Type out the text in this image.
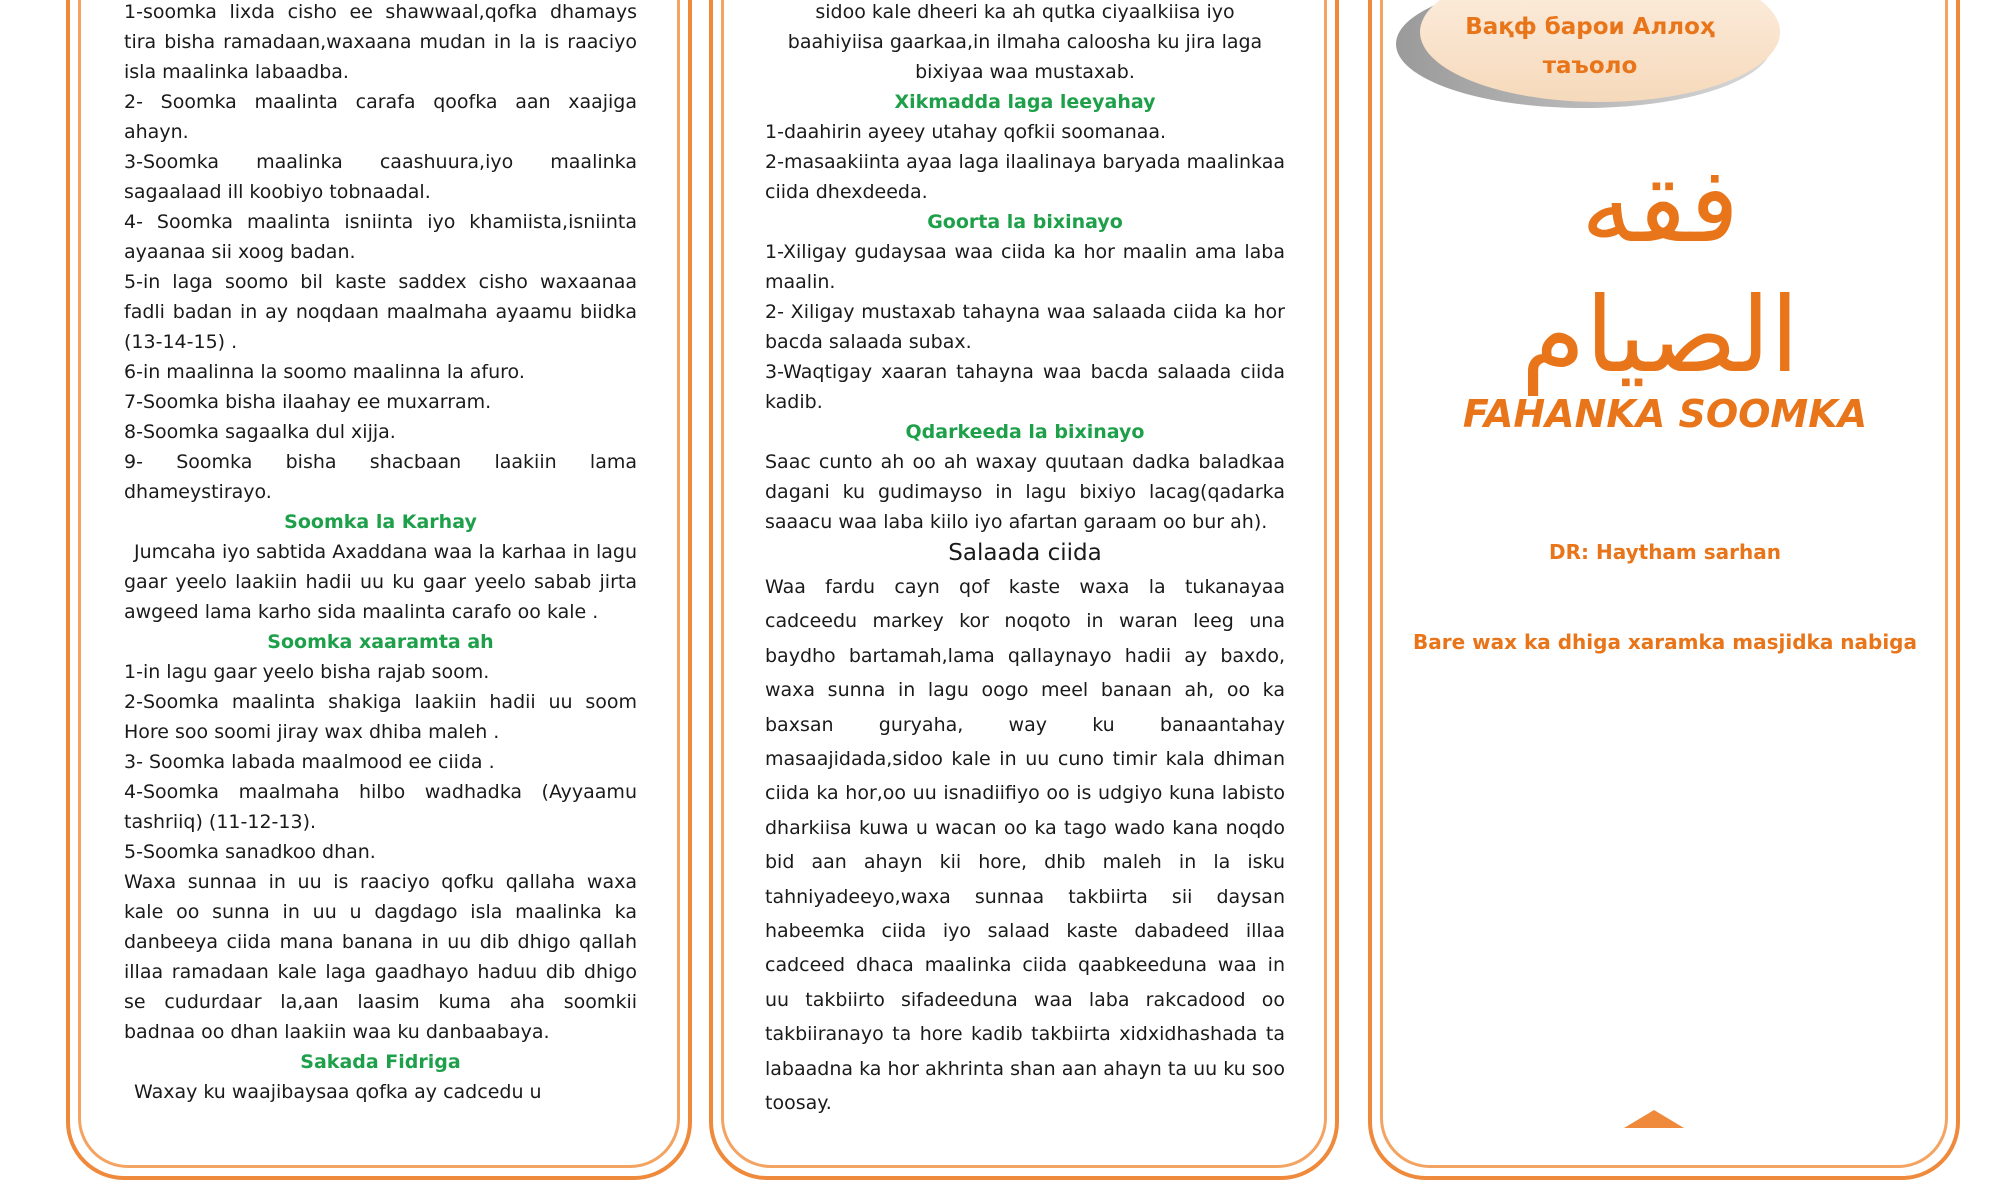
1-soomka lixda cisho ee shawwaal,qofka dhamays tira bisha ramadaan,waxaana mudan in la is raaciyo isla maalinka labaadba.

2- Soomka maalinta carafa qoofka aan xaajiga ahayn.

3-Soomka maalinka caashuura,iyo maalinka sagaalaad ill koobiyo tobnaadal.

4- Soomka maalinta isniinta iyo khamiista,isniinta ayaanaa sii xoog badan.

5-in laga soomo bil kaste saddex cisho waxaanaa fadli badan in ay noqdaan maalmaha ayaamu biidka (13-14-15) .

6-in maalinna la soomo maalinna la afuro.

7-Soomka bisha ilaahay ee muxarram.

8-Soomka sagaalka dul xijja.

9- Soomka bisha shacbaan laakiin lama dhameystirayo.

Soomka la Karhay

Jumcaha iyo sabtida Axaddana waa la karhaa in lagu gaar yeelo laakiin hadii uu ku gaar yeelo sabab jirta awgeed lama karho sida maalinta carafo oo kale .

Soomka xaaramta ah

1-in lagu gaar yeelo bisha rajab soom.

2-Soomka maalinta shakiga laakiin hadii uu soom Hore soo soomi jiray wax dhiba maleh .

3- Soomka labada maalmood ee ciida .

4-Soomka maalmaha hilbo wadhadka (Ayyaamu tashriiq) (11-12-13).

5-Soomka sanadkoo dhan.

Waxa sunnaa in uu is raaciyo qofku qallaha waxa kale oo sunna in uu u dagdago isla maalinka ka danbeeya ciida mana banana in uu dib dhigo qallah illaa ramadaan kale laga gaadhayo haduu dib dhigo se cudurdaar la,aan laasim kuma aha soomkii badnaa oo dhan laakiin waa ku danbaabaya.

Sakada Fidriga

Waxay ku waajibaysaa qofka ay cadcedu u

sidoo kale dheeri ka ah qutka ciyaalkiisa iyo baahiyiisa gaarkaa,in ilmaha caloosha ku jira laga bixiyaa waa mustaxab.

Xikmadda laga leeyahay

1-daahirin ayeey utahay qofkii soomanaa.

2-masaakiinta ayaa laga ilaalinaya baryada maalinkaa ciida dhexdeeda.

Goorta la bixinayo

1-Xiligay gudaysaa waa ciida ka hor maalin ama laba maalin.

2- Xiligay mustaxab tahayna waa salaada ciida ka hor bacda salaada subax.

3-Waqtigay xaaran tahayna waa bacda salaada ciida kadib.

Qdarkeeda la bixinayo

Saac cunto ah oo ah waxay quutaan dadka baladkaa dagani ku gudimayso in lagu bixiyo lacag(qadarka saaacu waa laba kiilo iyo afartan garaam oo bur ah).

Salaada ciida

Waa fardu cayn qof kaste waxa la tukanayaa cadceedu markey kor noqoto in waran leeg una baydho bartamah,lama qallaynayo hadii ay baxdo, waxa sunna in lagu oogo meel banaan ah, oo ka baxsan guryaha, way ku banaantahay masaajidada,sidoo kale in uu cuno timir kala dhiman ciida ka hor,oo uu isnadiifiyo oo is udgiyo kuna labisto dharkiisa kuwa u wacan oo ka tago wado kana noqdo bid aan ahayn kii hore, dhib maleh in la isku tahniyadeeyo,waxa sunnaa takbiirta sii daysan habeemka ciida iyo salaad kaste dabadeed illaa cadceed dhaca maalinka ciida qaabkeeduna waa in uu takbiirto sifadeeduna waa laba rakcadood oo takbiiranayo ta hore kadib takbiirta xidxidhashada ta labaadna ka hor akhrinta shan aan ahayn ta uu ku soo toosay.

Вақф барои Аллоҳ
таъоло
فقه الصيام
FAHANKA SOOMKA
DR: Haytham sarhan
Bare wax ka dhiga xaramka masjidka nabiga
